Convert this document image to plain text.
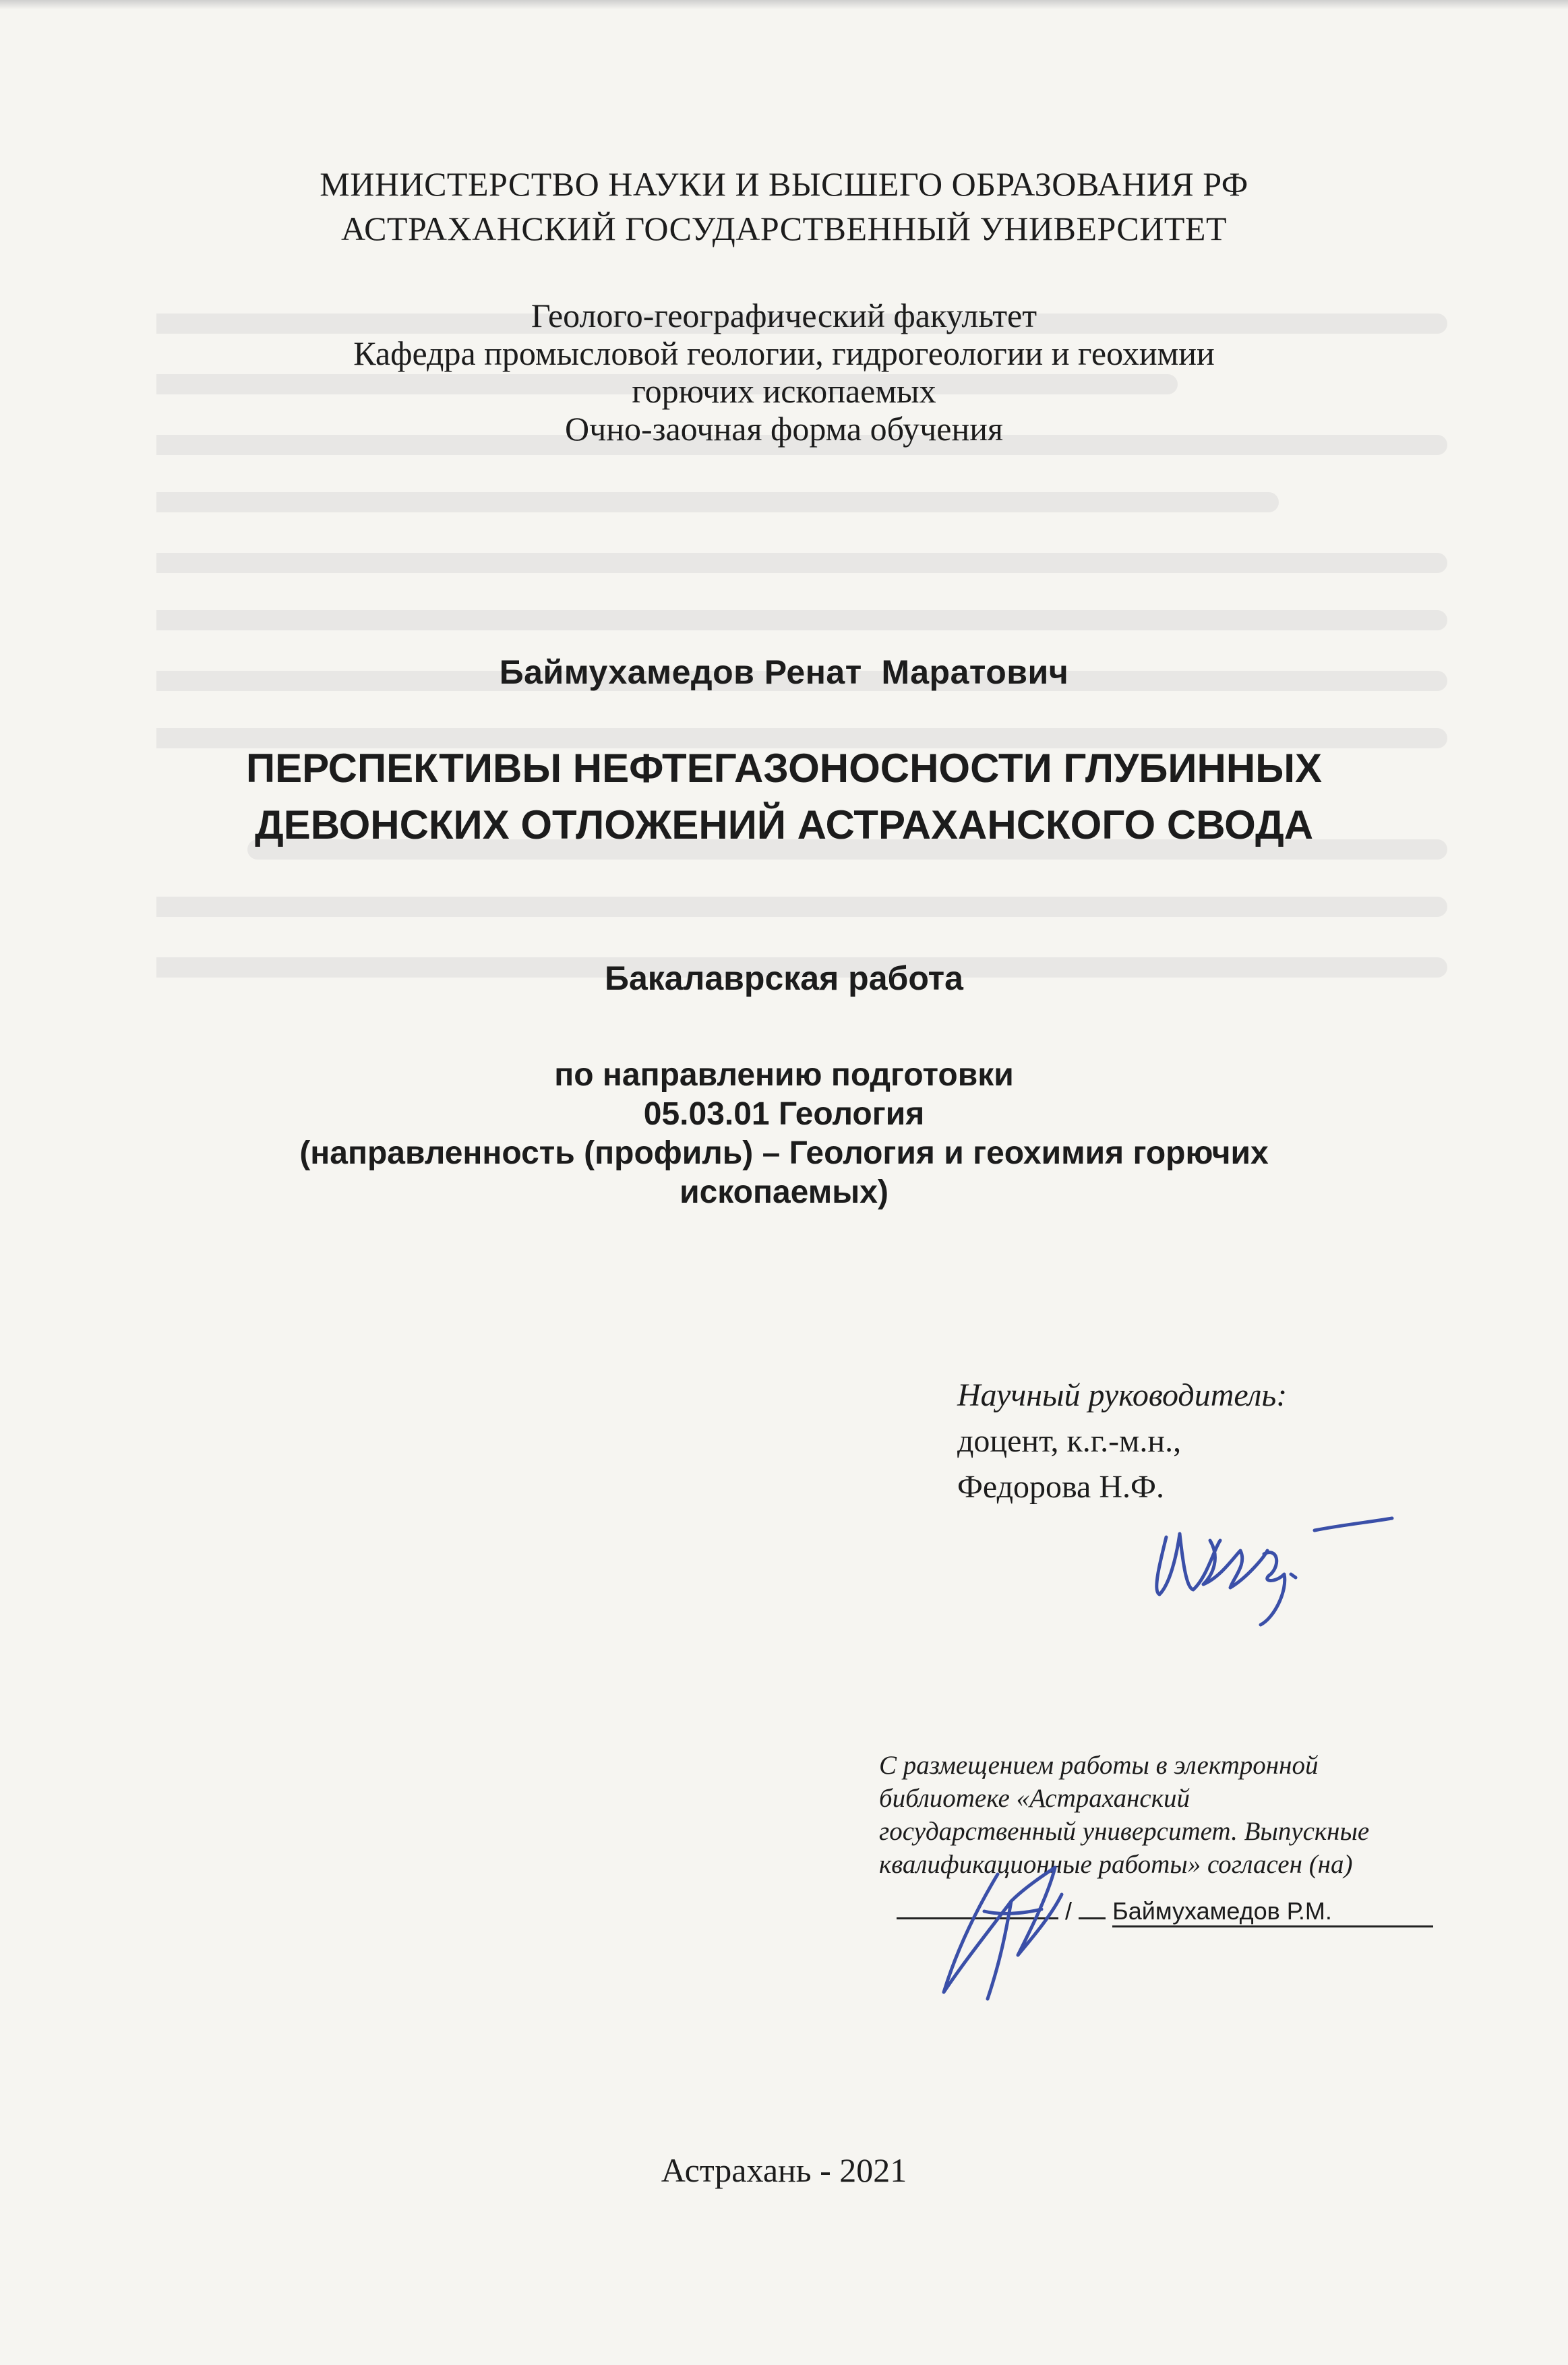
МИНИСТЕРСТВО НАУКИ И ВЫСШЕГО ОБРАЗОВАНИЯ РФ
АСТРАХАНСКИЙ ГОСУДАРСТВЕННЫЙ УНИВЕРСИТЕТ
Геолого-географический факультет
Кафедра промысловой геологии, гидрогеологии и геохимии
горючих ископаемых
Очно-заочная форма обучения
Баймухамедов Ренат  Маратович
ПЕРСПЕКТИВЫ НЕФТЕГАЗОНОСНОСТИ ГЛУБИННЫХ
ДЕВОНСКИХ ОТЛОЖЕНИЙ АСТРАХАНСКОГО СВОДА
Бакалаврская работа
по направлению подготовки
05.03.01 Геология
(направленность (профиль) – Геология и геохимия горючих
ископаемых)
Научный руководитель:
доцент, к.г.-м.н.,
Федорова Н.Ф.
С размещением работы в электронной
библиотеке «Астраханский
государственный университет. Выпускные
квалификационные работы» согласен (на)
/ Баймухамедов Р.М.
Астрахань - 2021
